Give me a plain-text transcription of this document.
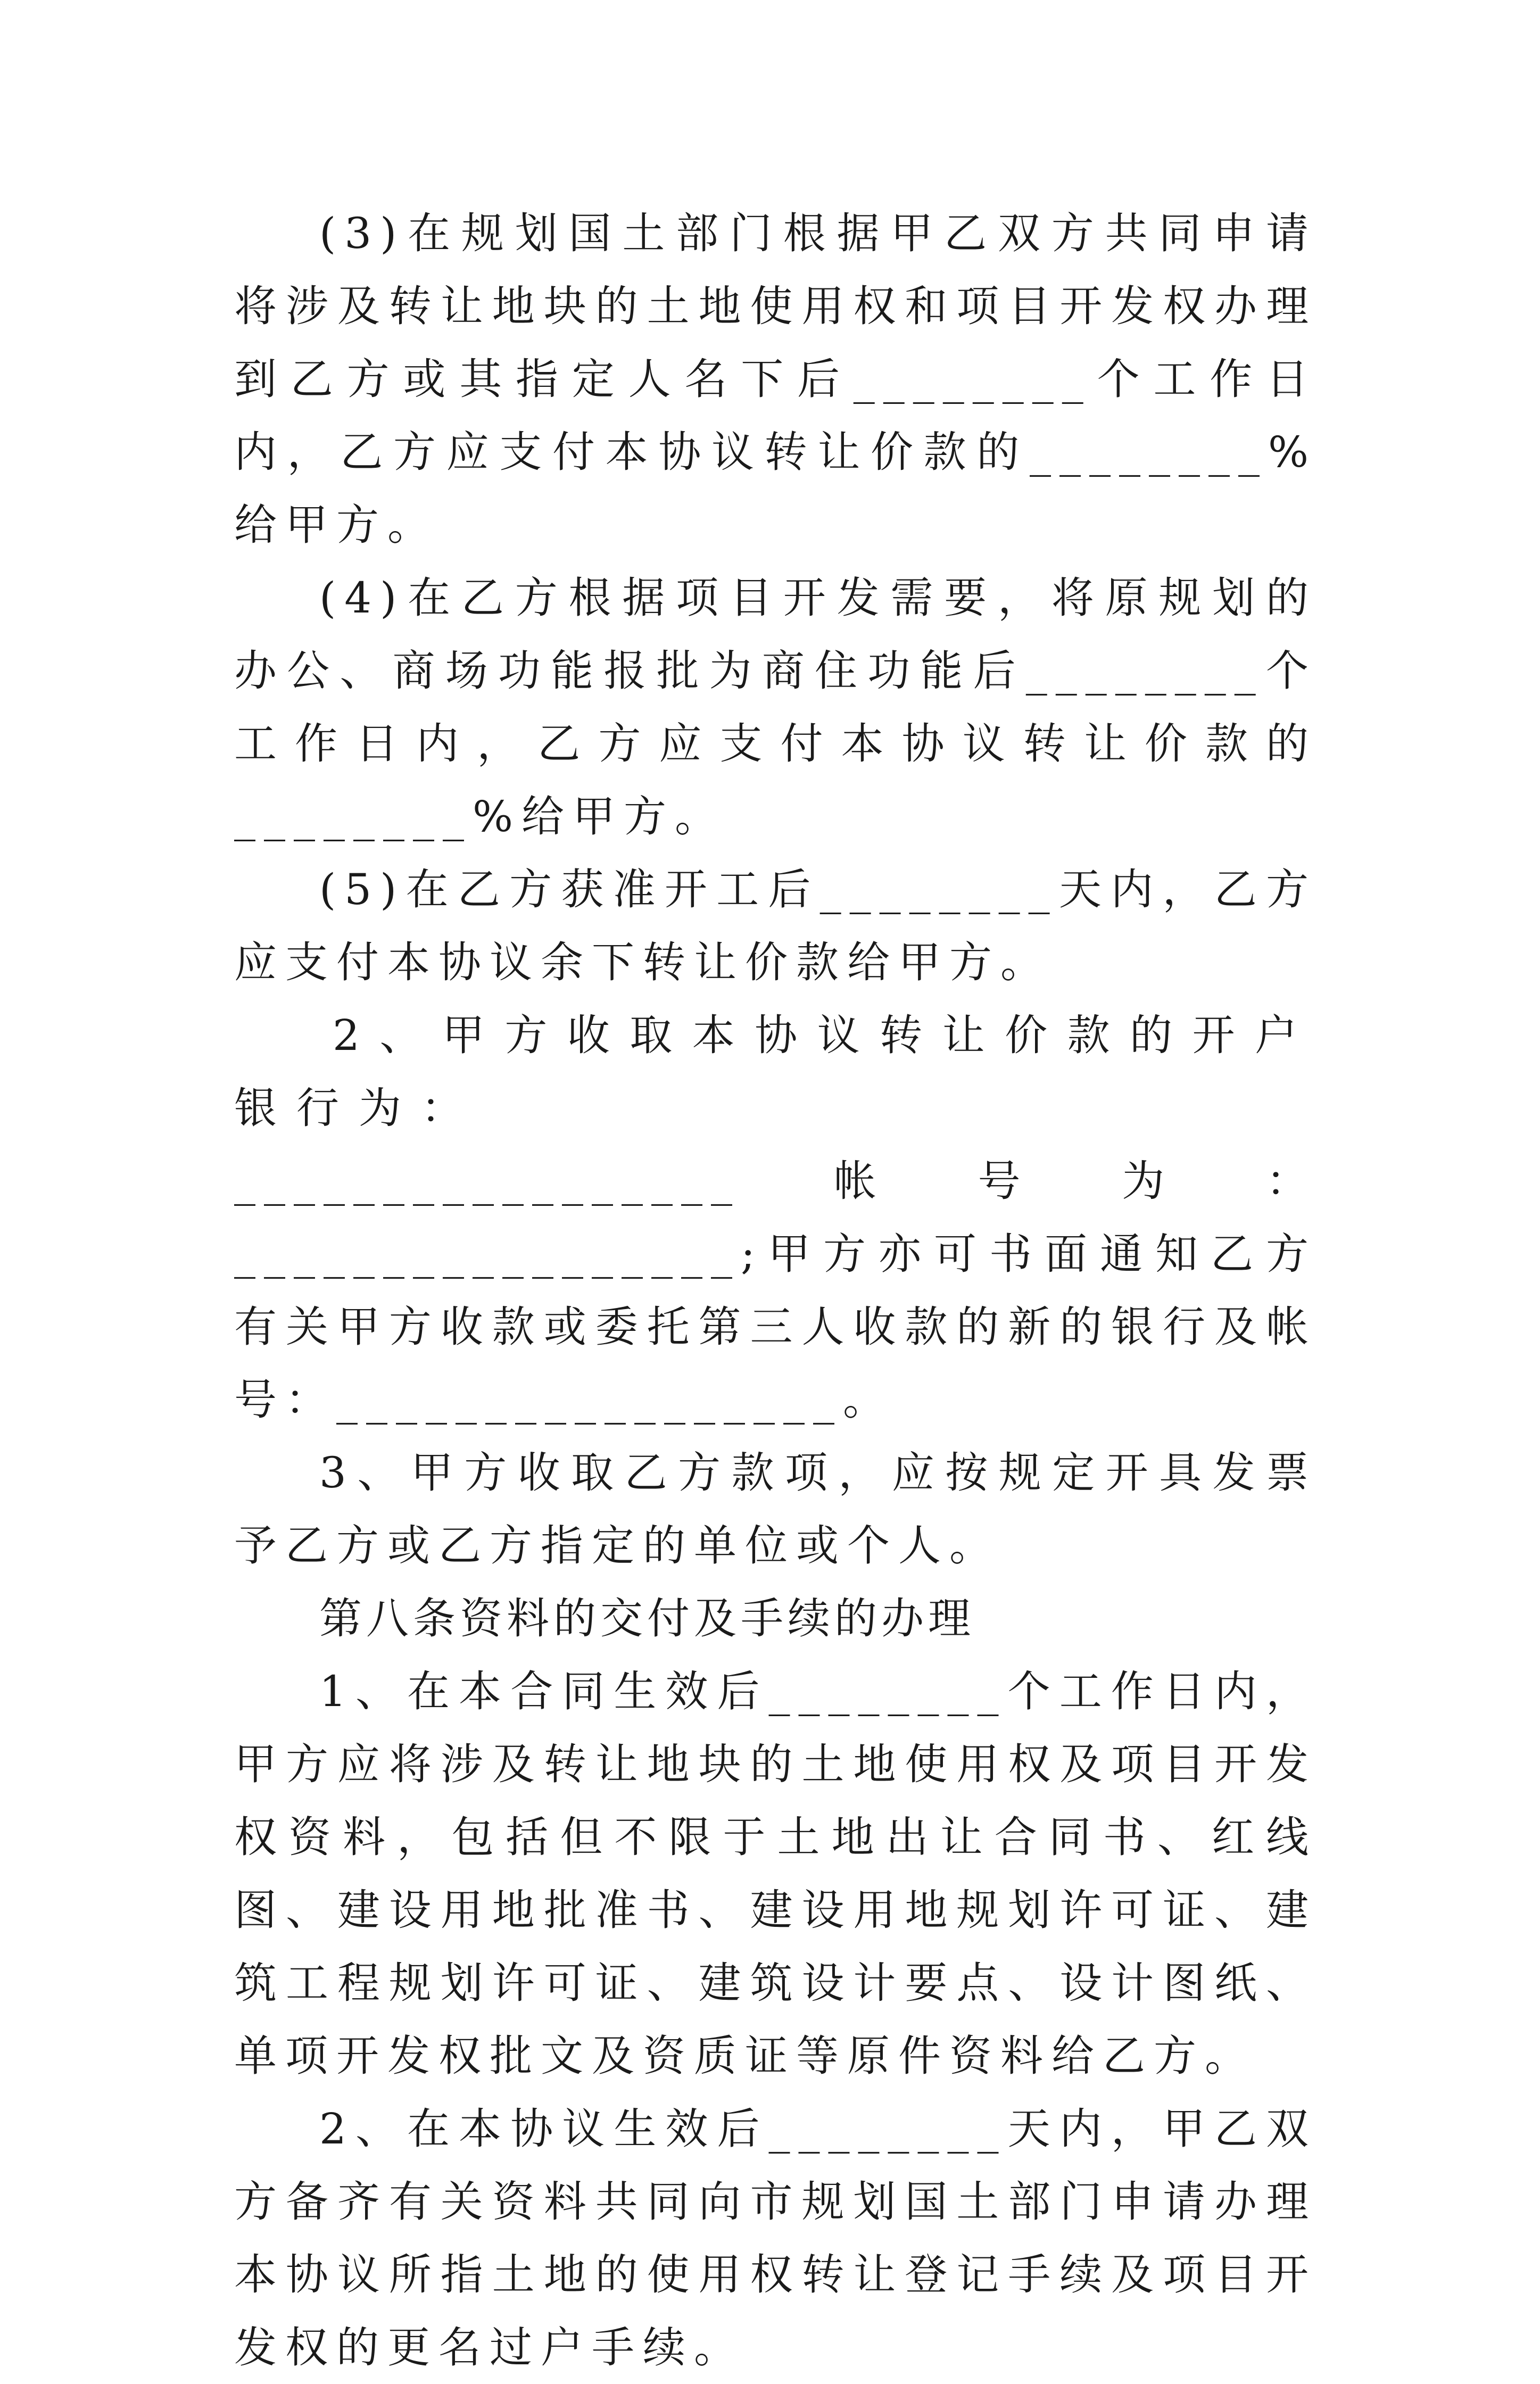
(3)在规划国土部门根据甲乙双方共同申请将涉及转让地块的土地使用权和项目开发权办理到乙方或其指定人名下后________个工作日内，乙方应支付本协议转让价款的________%给甲方。

(4)在乙方根据项目开发需要，将原规划的办公、商场功能报批为商住功能后________个工作日内，乙方应支付本协议转让价款的________%给甲方。

(5)在乙方获准开工后________天内，乙方应支付本协议余下转让价款给甲方。

2、甲方收取本协议转让价款的开户银行为：

_________________帐号为：_________________;甲方亦可书面通知乙方有关甲方收款或委托第三人收款的新的银行及帐号：_________________。

3、甲方收取乙方款项，应按规定开具发票予乙方或乙方指定的单位或个人。

第八条资料的交付及手续的办理

1、在本合同生效后________个工作日内，甲方应将涉及转让地块的土地使用权及项目开发权资料，包括但不限于土地出让合同书、红线图、建设用地批准书、建设用地规划许可证、建筑工程规划许可证、建筑设计要点、设计图纸、单项开发权批文及资质证等原件资料给乙方。

2、在本协议生效后________天内，甲乙双方备齐有关资料共同向市规划国土部门申请办理本协议所指土地的使用权转让登记手续及项目开发权的更名过户手续。
